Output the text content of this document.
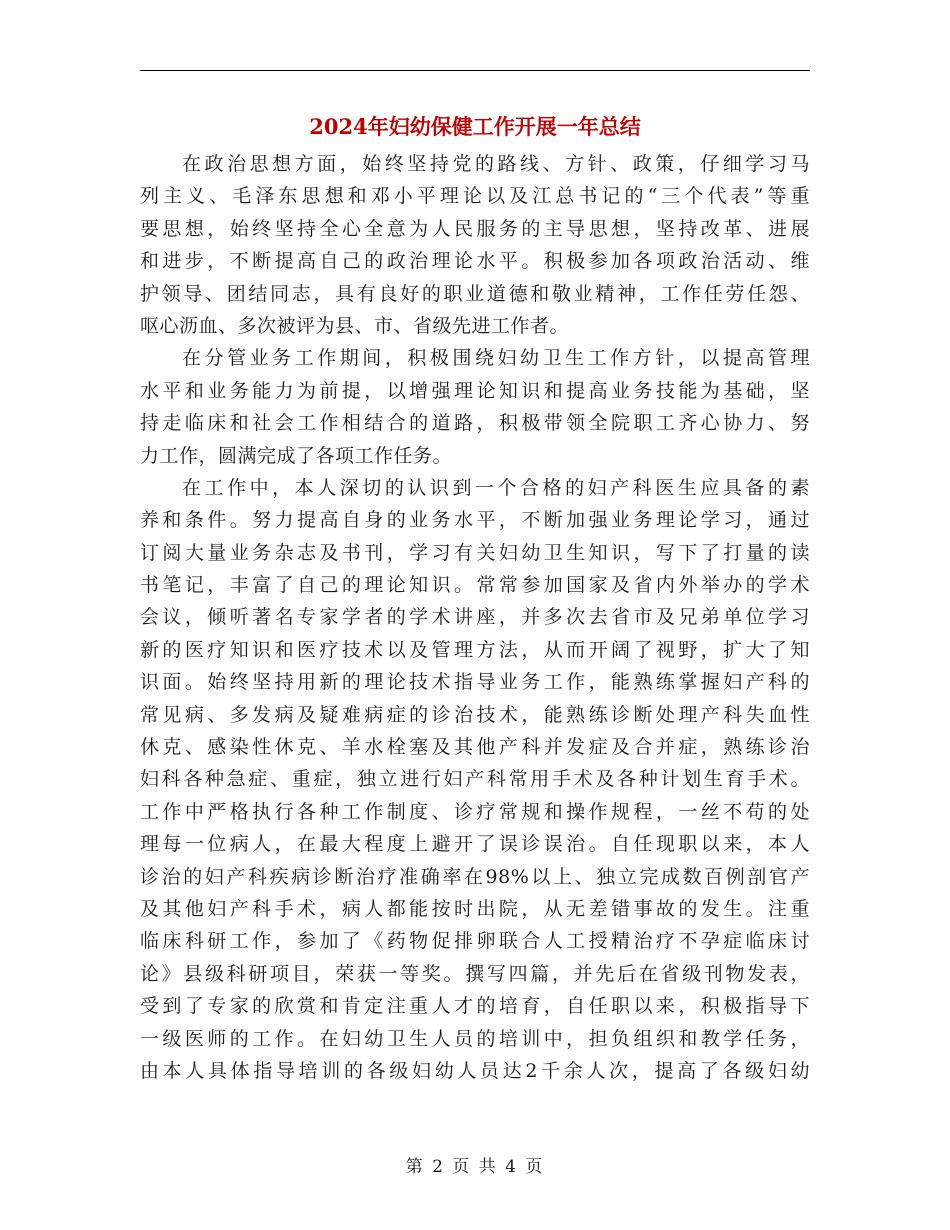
2024年妇幼保健工作开展一年总结
在政治思想方面，始终坚持党的路线、方针、政策，仔细学习马
列主义、毛泽东思想和邓小平理论以及江总书记的“三个代表”等重
要思想，始终坚持全心全意为人民服务的主导思想，坚持改革、进展
和进步，不断提高自己的政治理论水平。积极参加各项政治活动、维
护领导、团结同志，具有良好的职业道德和敬业精神，工作任劳任怨、
呕心沥血、多次被评为县、市、省级先进工作者。
在分管业务工作期间，积极围绕妇幼卫生工作方针，以提高管理
水平和业务能力为前提，以增强理论知识和提高业务技能为基础，坚
持走临床和社会工作相结合的道路，积极带领全院职工齐心协力、努
力工作，圆满完成了各项工作任务。
在工作中，本人深切的认识到一个合格的妇产科医生应具备的素
养和条件。努力提高自身的业务水平，不断加强业务理论学习，通过
订阅大量业务杂志及书刊，学习有关妇幼卫生知识，写下了打量的读
书笔记，丰富了自己的理论知识。常常参加国家及省内外举办的学术
会议，倾听著名专家学者的学术讲座，并多次去省市及兄弟单位学习
新的医疗知识和医疗技术以及管理方法，从而开阔了视野，扩大了知
识面。始终坚持用新的理论技术指导业务工作，能熟练掌握妇产科的
常见病、多发病及疑难病症的诊治技术，能熟练诊断处理产科失血性
休克、感染性休克、羊水栓塞及其他产科并发症及合并症，熟练诊治
妇科各种急症、重症，独立进行妇产科常用手术及各种计划生育手术。
工作中严格执行各种工作制度、诊疗常规和操作规程，一丝不苟的处
理每一位病人，在最大程度上避开了误诊误治。自任现职以来，本人
诊治的妇产科疾病诊断治疗准确率在98%以上、独立完成数百例剖官产
及其他妇产科手术，病人都能按时出院，从无差错事故的发生。注重
临床科研工作，参加了《药物促排卵联合人工授精治疗不孕症临床讨
论》县级科研项目，荣获一等奖。撰写四篇，并先后在省级刊物发表，
受到了专家的欣赏和肯定注重人才的培育，自任职以来，积极指导下
一级医师的工作。在妇幼卫生人员的培训中，担负组织和教学任务，
由本人具体指导培训的各级妇幼人员达2千余人次，提高了各级妇幼
第 2 页 共 4 页
